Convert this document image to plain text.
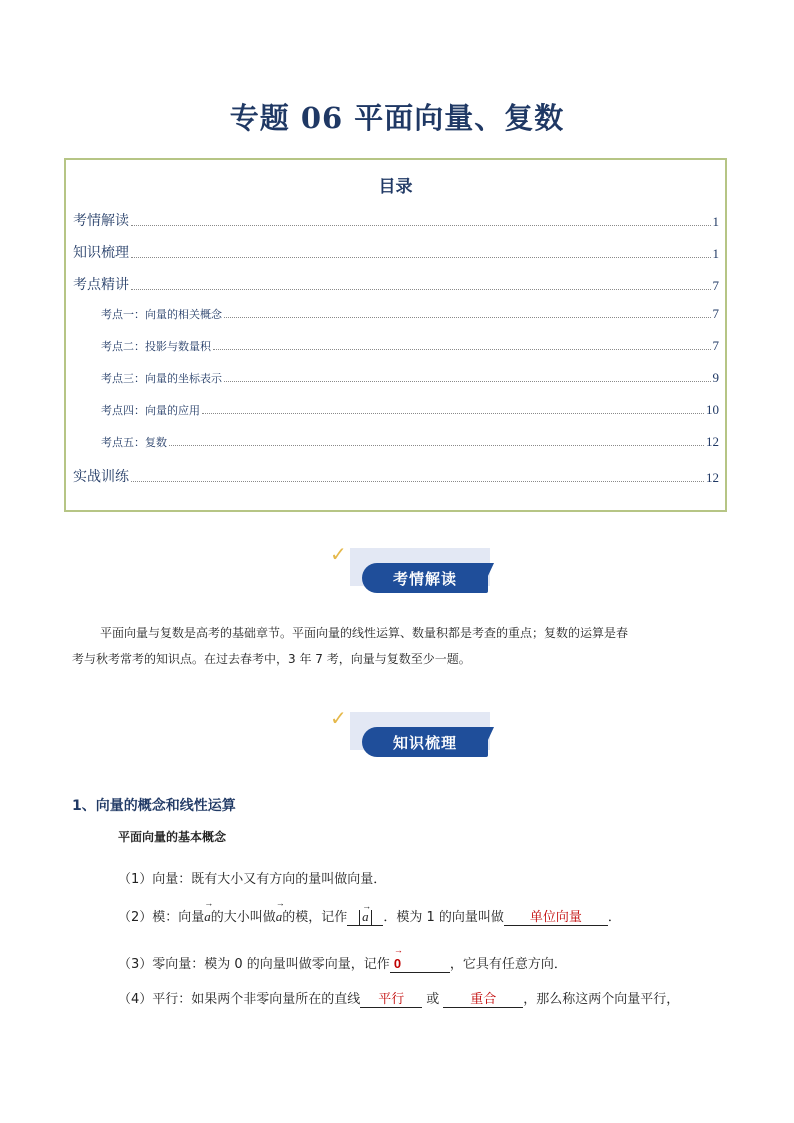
专题 06 平面向量、复数
目录
考情解读	1
知识梳理	1
考点精讲	7
考点一：向量的相关概念	7
考点二：投影与数量积	7
考点三：向量的坐标表示	9
考点四：向量的应用	10
考点五：复数	12
实战训练	12
✓
考情解读
平面向量与复数是高考的基础章节。平面向量的线性运算、数量积都是考查的重点；复数的运算是春
考与秋考常考的知识点。在过去春考中，3 年 7 考，向量与复数至少一题。
✓
知识梳理
1、向量的概念和线性运算
平面向量的基本概念
（1）向量：既有大小又有方向的量叫做向量．
（2）模：向量→ a的大小叫做→ a的模，记作 → a ．模为 1 的向量叫做 单位向量 ．
（3）零向量：模为 0 的向量叫做零向量，记作 → 0	，它具有任意方向．
（4）平行：如果两个非零向量所在的直线 平行 或 重合 ，那么称这两个向量平行，
